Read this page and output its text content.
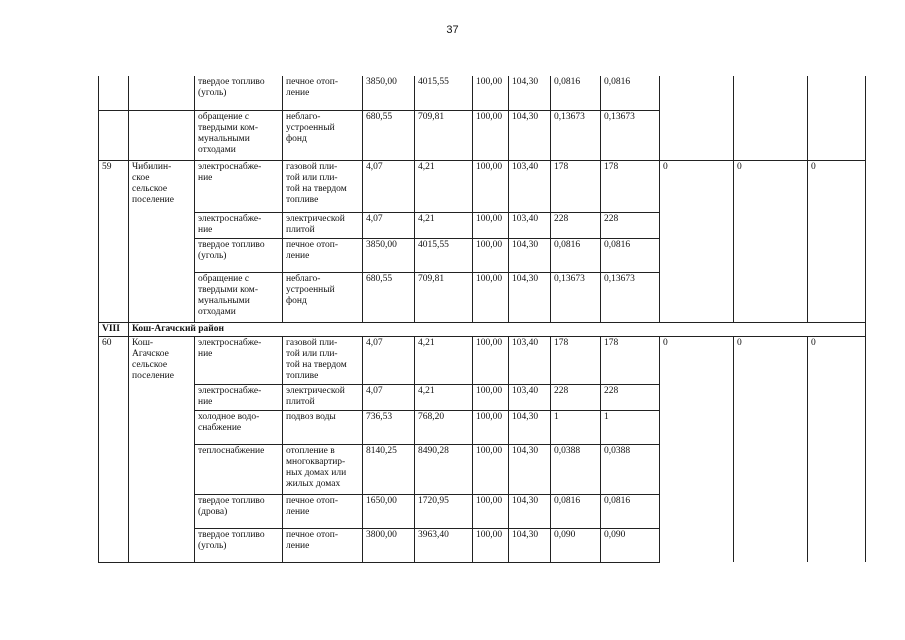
37
		твердое топливо
(уголь)	печное отоп-
ление	3850,00	4015,55	100,00	104,30	0,0816	0,0816			
		обращение с
твердыми ком-
мунальными
отходами	неблаго-
устроенный
фонд	680,55	709,81	100,00	104,30	0,13673	0,13673			
59	Чибилин-
ское
сельское
поселение	электроснабже-
ние	газовой пли-
той или пли-
той на твердом
топливе	4,07	4,21	100,00	103,40	178	178	0	0	0
		электроснабже-
ние	электрической
плитой	4,07	4,21	100,00	103,40	228	228			
		твердое топливо
(уголь)	печное отоп-
ление	3850,00	4015,55	100,00	104,30	0,0816	0,0816			
		обращение с
твердыми ком-
мунальными
отходами	неблаго-
устроенный
фонд	680,55	709,81	100,00	104,30	0,13673	0,13673			
VIII	Кош-Агачский район											
60	Кош-
Агачское
сельское
поселение	электроснабже-
ние	газовой пли-
той или пли-
той на твердом
топливе	4,07	4,21	100,00	103,40	178	178	0	0	0
		электроснабже-
ние	электрической
плитой	4,07	4,21	100,00	103,40	228	228			
		холодное водо-
снабжение	подвоз воды	736,53	768,20	100,00	104,30	1	1			
		теплоснабжение	отопление в
многоквартир-
ных домах или
жилых домах	8140,25	8490,28	100,00	104,30	0,0388	0,0388			
		твердое топливо
(дрова)	печное отоп-
ление	1650,00	1720,95	100,00	104,30	0,0816	0,0816			
		твердое топливо
(уголь)	печное отоп-
ление	3800,00	3963,40	100,00	104,30	0,090	0,090			
